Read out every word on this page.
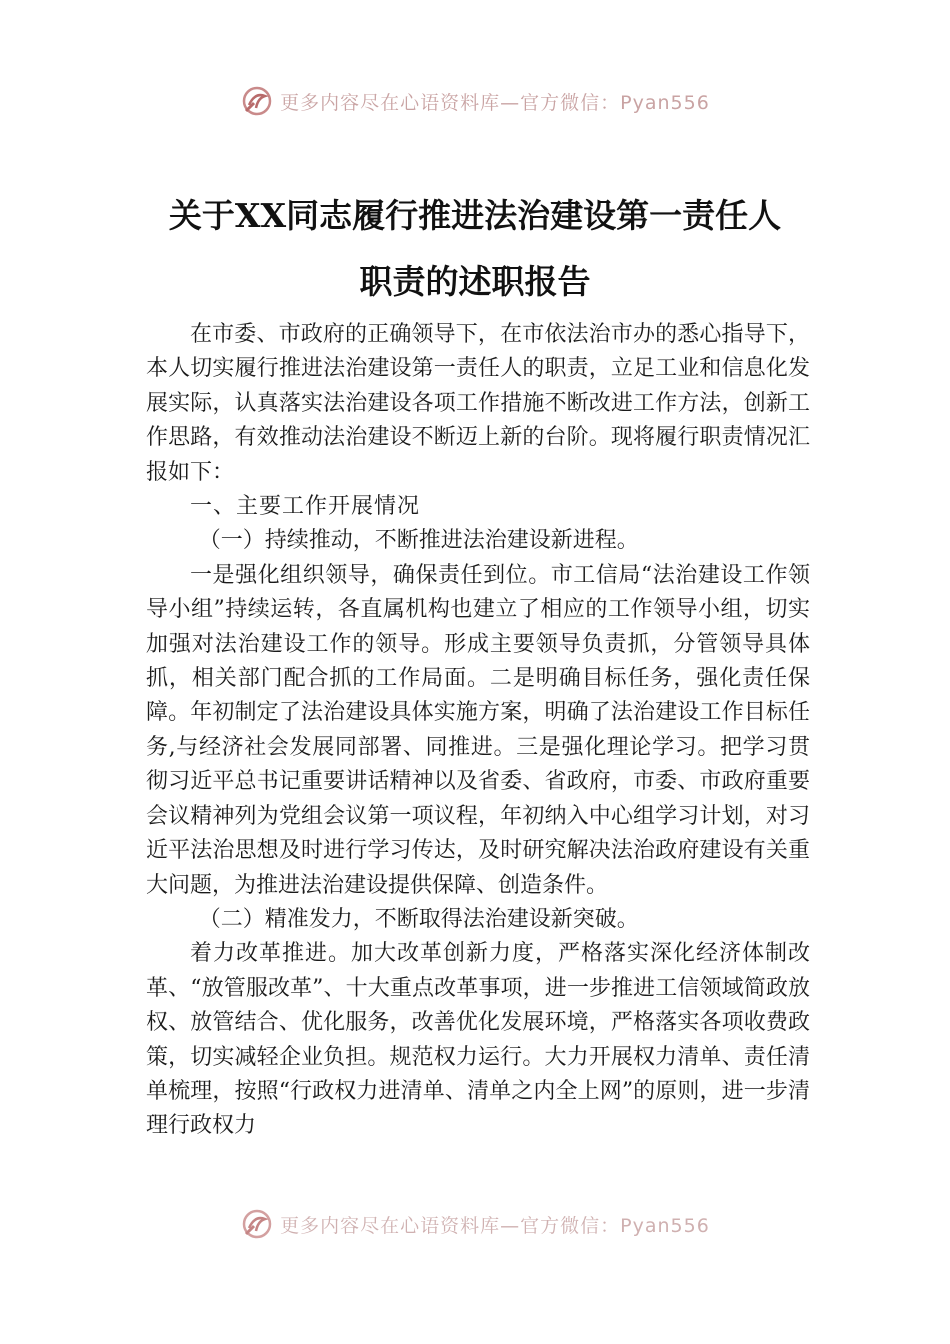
更多内容尽在心语资料库—官方微信：Pyan556
关于XX同志履行推进法治建设第一责任人
职责的述职报告

在市委、市政府的正确领导下，在市依法治市办的悉心指导下，本人切实履行推进法治建设第一责任人的职责，立足工业和信息化发展实际，认真落实法治建设各项工作措施不断改进工作方法，创新工作思路，有效推动法治建设不断迈上新的台阶。现将履行职责情况汇报如下：

一、主要工作开展情况

（一）持续推动，不断推进法治建设新进程。

一是强化组织领导，确保责任到位。市工信局“法治建设工作领导小组”持续运转，各直属机构也建立了相应的工作领导小组，切实加强对法治建设工作的领导。形成主要领导负责抓，分管领导具体抓，相关部门配合抓的工作局面。二是明确目标任务，强化责任保障。年初制定了法治建设具体实施方案，明确了法治建设工作目标任务,与经济社会发展同部署、同推进。三是强化理论学习。把学习贯彻习近平总书记重要讲话精神以及省委、省政府，市委、市政府重要会议精神列为党组会议第一项议程，年初纳入中心组学习计划，对习近平法治思想及时进行学习传达，及时研究解决法治政府建设有关重大问题，为推进法治建设提供保障、创造条件。

（二）精准发力，不断取得法治建设新突破。

着力改革推进。加大改革创新力度，严格落实深化经济体制改革、“放管服改革”、十大重点改革事项，进一步推进工信领域简政放权、放管结合、优化服务，改善优化发展环境，严格落实各项收费政策，切实减轻企业负担。规范权力运行。大力开展权力清单、责任清单梳理，按照“行政权力进清单、清单之内全上网”的原则，进一步清理行政权力

更多内容尽在心语资料库—官方微信：Pyan556
